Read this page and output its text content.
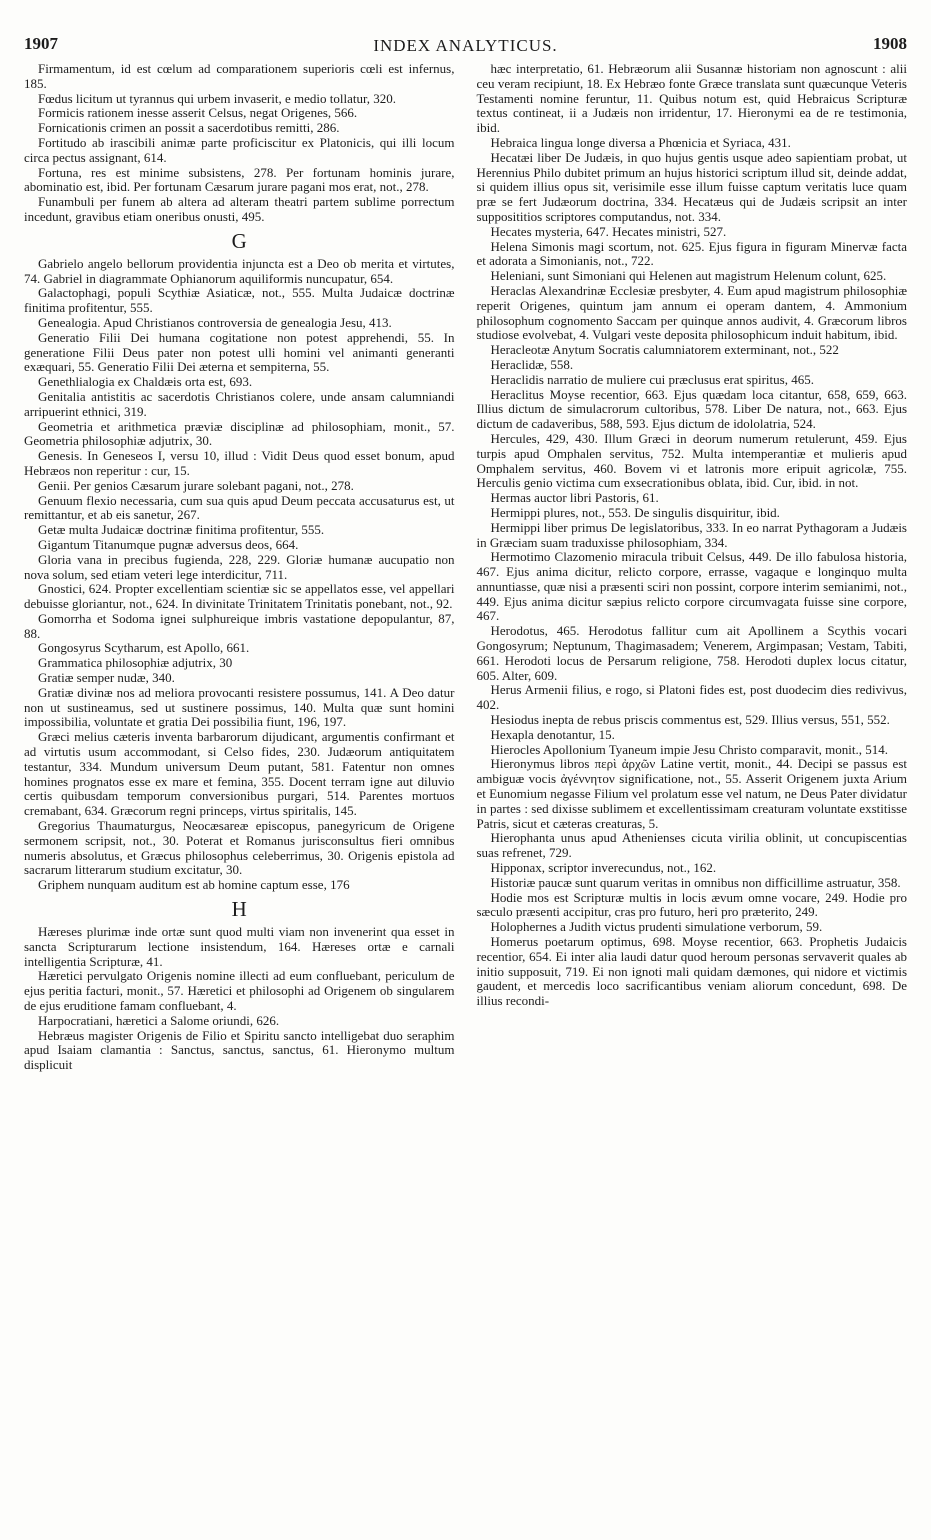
1907	INDEX ANALYTICUS.	1908

Firmamentum, id est cœlum ad comparationem superioris cœli est infernus, 185.

Fœdus licitum ut tyrannus qui urbem invaserit, e medio tollatur, 320.

Formicis rationem inesse asserit Celsus, negat Origenes, 566.

Fornicationis crimen an possit a sacerdotibus remitti, 286.

Fortitudo ab irascibili animæ parte proficiscitur ex Platonicis, qui illi locum circa pectus assignant, 614.

Fortuna, res est minime subsistens, 278. Per fortunam hominis jurare, abominatio est, ibid. Per fortunam Cæsarum jurare pagani mos erat, not., 278.

Funambuli per funem ab altera ad alteram theatri partem sublime porrectum incedunt, gravibus etiam oneribus onusti, 495.

G

Gabrielo angelo bellorum providentia injuncta est a Deo ob merita et virtutes, 74. Gabriel in diagrammate Ophianorum aquiliformis nuncupatur, 654.

Galactophagi, populi Scythiæ Asiaticæ, not., 555. Multa Judaicæ doctrinæ finitima profitentur, 555.

Genealogia. Apud Christianos controversia de genealogia Jesu, 413.

Generatio Filii Dei humana cogitatione non potest apprehendi, 55. In generatione Filii Deus pater non potest ulli homini vel animanti generanti exæquari, 55. Generatio Filii Dei æterna et sempiterna, 55.

Genethlialogia ex Chaldæis orta est, 693.

Genitalia antistitis ac sacerdotis Christianos colere, unde ansam calumniandi arripuerint ethnici, 319.

Geometria et arithmetica præviæ disciplinæ ad philosophiam, monit., 57. Geometria philosophiæ adjutrix, 30.

Genesis. In Geneseos I, versu 10, illud : Vidit Deus quod esset bonum, apud Hebræos non reperitur : cur, 15.

Genii. Per genios Cæsarum jurare solebant pagani, not., 278.

Genuum flexio necessaria, cum sua quis apud Deum peccata accusaturus est, ut remittantur, et ab eis sanetur, 267.

Getæ multa Judaicæ doctrinæ finitima profitentur, 555.

Gigantum Titanumque pugnæ adversus deos, 664.

Gloria vana in precibus fugienda, 228, 229. Gloriæ humanæ aucupatio non nova solum, sed etiam veteri lege interdicitur, 711.

Gnostici, 624. Propter excellentiam scientiæ sic se appellatos esse, vel appellari debuisse gloriantur, not., 624. In divinitate Trinitatem Trinitatis ponebant, not., 92.

Gomorrha et Sodoma ignei sulphureique imbris vastatione depopulantur, 87, 88.

Gongosyrus Scytharum, est Apollo, 661.

Grammatica philosophiæ adjutrix, 30

Gratiæ semper nudæ, 340.

Gratiæ divinæ nos ad meliora provocanti resistere possumus, 141. A Deo datur non ut sustineamus, sed ut sustinere possimus, 140. Multa quæ sunt homini impossibilia, voluntate et gratia Dei possibilia fiunt, 196, 197.

Græci melius cæteris inventa barbarorum dijudicant, argumentis confirmant et ad virtutis usum accommodant, si Celso fides, 230. Judæorum antiquitatem testantur, 334. Mundum universum Deum putant, 581. Fatentur non omnes homines prognatos esse ex mare et femina, 355. Docent terram igne aut diluvio certis quibusdam temporum conversionibus purgari, 514. Parentes mortuos cremabant, 634. Græcorum regni princeps, virtus spiritalis, 145.

Gregorius Thaumaturgus, Neocæsareæ episcopus, panegyricum de Origene sermonem scripsit, not., 30. Poterat et Romanus jurisconsultus fieri omnibus numeris absolutus, et Græcus philosophus celeberrimus, 30. Origenis epistola ad sacrarum litterarum studium excitatur, 30.

Griphem nunquam auditum est ab homine captum esse, 176

H

Hæreses plurimæ inde ortæ sunt quod multi viam non invenerint qua esset in sancta Scripturarum lectione insistendum, 164. Hæreses ortæ e carnali intelligentia Scripturæ, 41.

Hæretici pervulgato Origenis nomine illecti ad eum confluebant, periculum de ejus peritia facturi, monit., 57. Hæretici et philosophi ad Origenem ob singularem de ejus eruditione famam confluebant, 4.

Harpocratiani, hæretici a Salome oriundi, 626.

Hebræus magister Origenis de Filio et Spiritu sancto intelligebat duo seraphim apud Isaiam clamantia : Sanctus, sanctus, sanctus, 61. Hieronymo multum displicuit

hæc interpretatio, 61. Hebræorum alii Susannæ historiam non agnoscunt : alii ceu veram recipiunt, 18. Ex Hebræo fonte Græce translata sunt quæcunque Veteris Testamenti nomine feruntur, 11. Quibus notum est, quid Hebraicus Scripturæ textus contineat, ii a Judæis non irridentur, 17. Hieronymi ea de re testimonia, ibid.

Hebraica lingua longe diversa a Phœnicia et Syriaca, 431.

Hecatæi liber De Judæis, in quo hujus gentis usque adeo sapientiam probat, ut Herennius Philo dubitet primum an hujus historici scriptum illud sit, deinde addat, si quidem illius opus sit, verisimile esse illum fuisse captum veritatis luce quam præ se fert Judæorum doctrina, 334. Hecatæus qui de Judæis scripsit an inter supposititios scriptores computandus, not. 334.

Hecates mysteria, 647. Hecates ministri, 527.

Helena Simonis magi scortum, not. 625. Ejus figura in figuram Minervæ facta et adorata a Simonianis, not., 722.

Heleniani, sunt Simoniani qui Helenen aut magistrum Helenum colunt, 625.

Heraclas Alexandrinæ Ecclesiæ presbyter, 4. Eum apud magistrum philosophiæ reperit Origenes, quintum jam annum ei operam dantem, 4. Ammonium philosophum cognomento Saccam per quinque annos audivit, 4. Græcorum libros studiose evolvebat, 4. Vulgari veste deposita philosophicum induit habitum, ibid.

Heracleotæ Anytum Socratis calumniatorem exterminant, not., 522

Heraclidæ, 558.

Heraclidis narratio de muliere cui præclusus erat spiritus, 465.

Heraclitus Moyse recentior, 663. Ejus quædam loca citantur, 658, 659, 663. Illius dictum de simulacrorum cultoribus, 578. Liber De natura, not., 663. Ejus dictum de cadaveribus, 588, 593. Ejus dictum de idololatria, 524.

Hercules, 429, 430. Illum Græci in deorum numerum retulerunt, 459. Ejus turpis apud Omphalen servitus, 752. Multa intemperantiæ et mulieris apud Omphalem servitus, 460. Bovem vi et latronis more eripuit agricolæ, 755. Herculis genio victima cum exsecrationibus oblata, ibid. Cur, ibid. in not.

Hermas auctor libri Pastoris, 61.

Hermippi plures, not., 553. De singulis disquiritur, ibid.

Hermippi liber primus De legislatoribus, 333. In eo narrat Pythagoram a Judæis in Græciam suam traduxisse philosophiam, 334.

Hermotimo Clazomenio miracula tribuit Celsus, 449. De illo fabulosa historia, 467. Ejus anima dicitur, relicto corpore, errasse, vagaque e longinquo multa annuntiasse, quæ nisi a præsenti sciri non possint, corpore interim semianimi, not., 449. Ejus anima dicitur sæpius relicto corpore circumvagata fuisse sine corpore, 467.

Herodotus, 465. Herodotus fallitur cum ait Apollinem a Scythis vocari Gongosyrum; Neptunum, Thagimasadem; Venerem, Argimpasan; Vestam, Tabiti, 661. Herodoti locus de Persarum religione, 758. Herodoti duplex locus citatur, 605. Alter, 609.

Herus Armenii filius, e rogo, si Platoni fides est, post duodecim dies redivivus, 402.

Hesiodus inepta de rebus priscis commentus est, 529. Illius versus, 551, 552.

Hexapla denotantur, 15.

Hierocles Apollonium Tyaneum impie Jesu Christo comparavit, monit., 514.

Hieronymus libros περὶ ἀρχῶν Latine vertit, monit., 44. Decipi se passus est ambiguæ vocis ἀγέννητον significatione, not., 55. Asserit Origenem juxta Arium et Eunomium negasse Filium vel prolatum esse vel natum, ne Deus Pater dividatur in partes : sed dixisse sublimem et excellentissimam creaturam voluntate exstitisse Patris, sicut et cæteras creaturas, 5.

Hierophanta unus apud Athenienses cicuta virilia oblinit, ut concupiscentias suas refrenet, 729.

Hipponax, scriptor inverecundus, not., 162.

Historiæ paucæ sunt quarum veritas in omnibus non difficillime astruatur, 358.

Hodie mos est Scripturæ multis in locis ævum omne vocare, 249. Hodie pro sæculo præsenti accipitur, cras pro futuro, heri pro præterito, 249.

Holophernes a Judith victus prudenti simulatione verborum, 59.

Homerus poetarum optimus, 698. Moyse recentior, 663. Prophetis Judaicis recentior, 654. Ei inter alia laudi datur quod heroum personas servaverit quales ab initio supposuit, 719. Ei non ignoti mali quidam dæmones, qui nidore et victimis gaudent, et mercedis loco sacrificantibus veniam aliorum concedunt, 698. De illius recondi-
